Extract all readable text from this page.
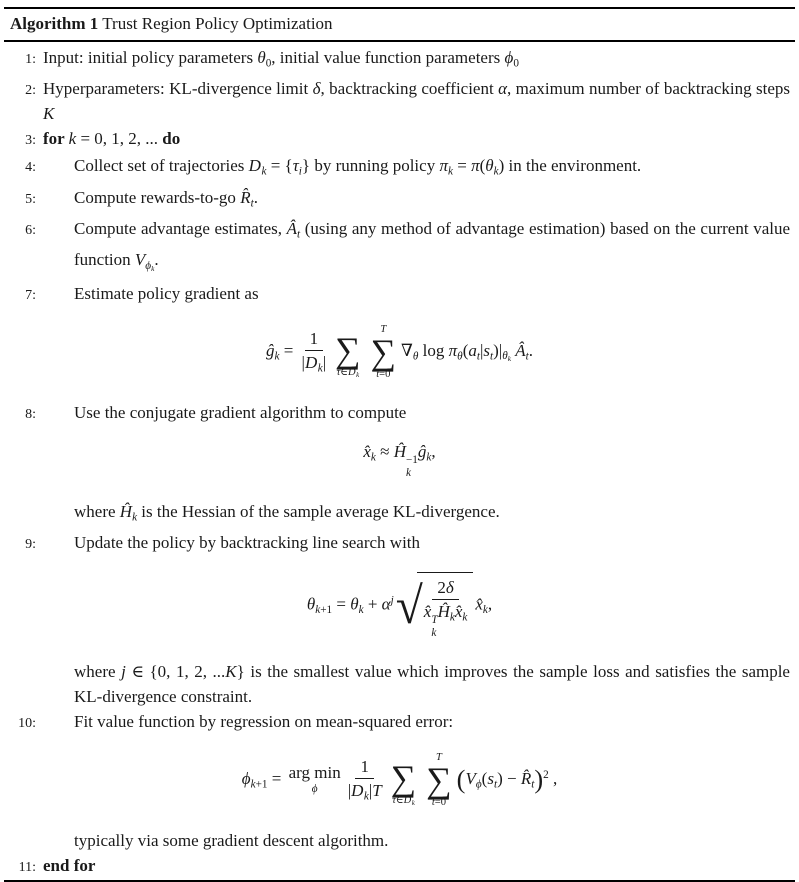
Algorithm 1 Trust Region Policy Optimization
1: Input: initial policy parameters θ0, initial value function parameters ϕ0
2: Hyperparameters: KL-divergence limit δ, backtracking coefficient α, maximum number of backtracking steps K
3: for k = 0, 1, 2, ... do
4:	Collect set of trajectories Dk = {τi} by running policy πk = π(θk) in the environment.
5:	Compute rewards-to-go R̂t.
6:	Compute advantage estimates, Ât (using any method of advantage estimation) based on the current value function Vϕk.
7:	Estimate policy gradient as
ĝk = $\frac{1}{|Dk|}$ ∑
τ∈Dk
T
∑
t=0
∇θ log πθ(at|st)|θk Ât.
8:	Use the conjugate gradient algorithm to compute
x̂k ≈ Ĥ −1
k
ĝk,
where Ĥk is the Hessian of the sample average KL-divergence.
9:	Update the policy by backtracking line search with
$\theta k+1 = \theta k + \alpha^j$ √ 2δ
x̂ T
k
Ĥkx̂k x̂k,
where j ∈ {0, 1, 2, ...K} is the smallest value which improves the sample loss and satisfies the sample KL-divergence constraint.
10:	Fit value function by regression on mean-squared error:
ϕk+1 = arg min
ϕ $\frac{1}{|Dk|T}$ ∑
τ∈Dk
T
∑
t=0
(Vϕ(st) − R̂t)$^2$ ,
typically via some gradient descent algorithm.
11: end for
